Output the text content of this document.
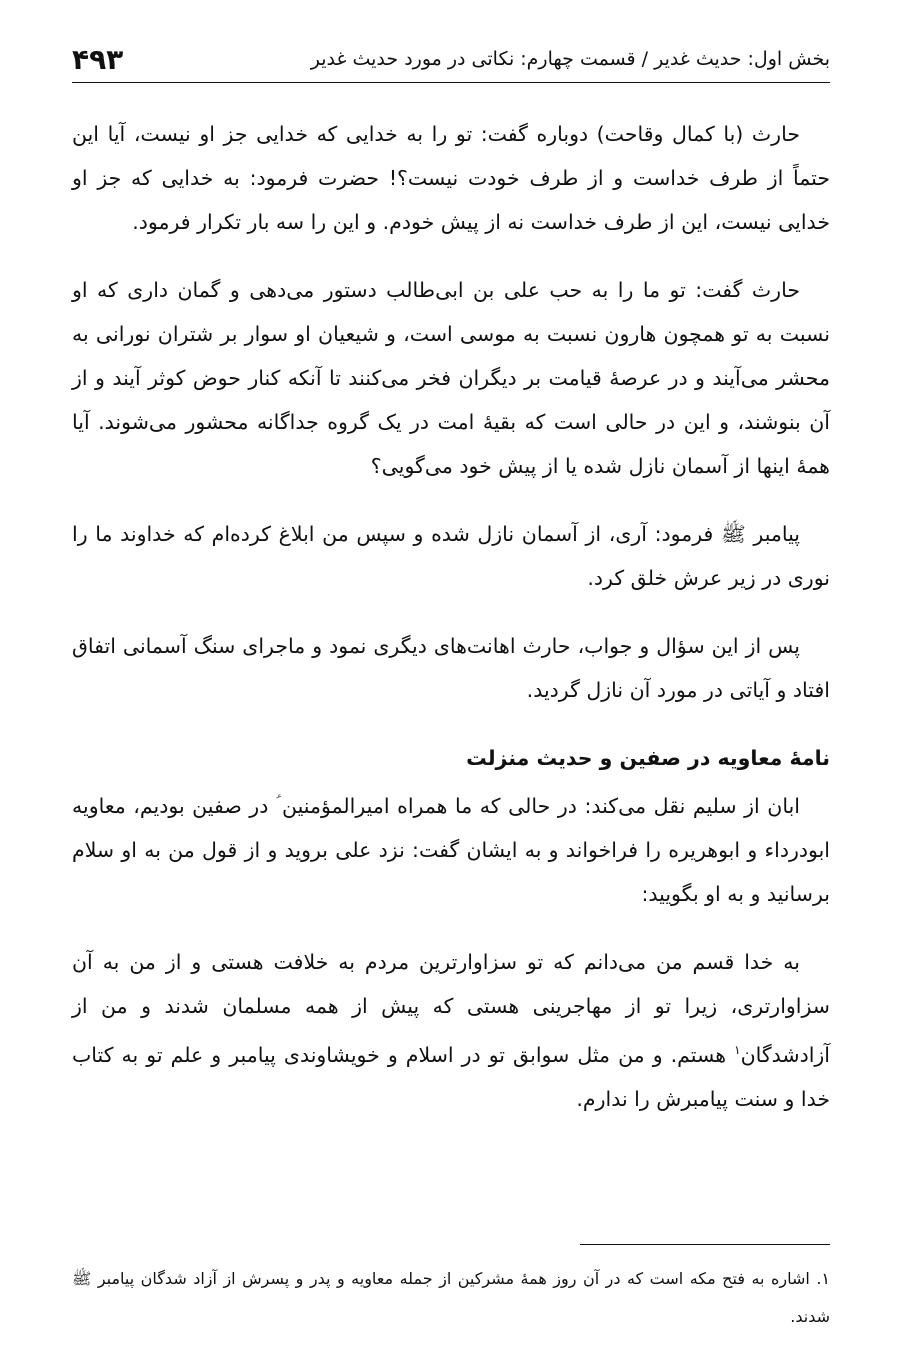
بخش اول: حدیث غدیر / قسمت چهارم: نکاتی در مورد حدیث غدیر
۴۹۳

حارث (با کمال وقاحت) دوباره گفت: تو را به خدایی که خدایی جز او نیست، آیا این حتماً از طرف خداست و از طرف خودت نیست؟! حضرت فرمود: به خدایی که جز او خدایی نیست، این از طرف خداست نه از پیش خودم. و این را سه بار تکرار فرمود.

حارث گفت: تو ما را به حب علی بن ابی‌طالب دستور می‌دهی و گمان داری که او نسبت به تو همچون هارون نسبت به موسی است، و شیعیان او سوار بر شتران نورانی به محشر می‌آیند و در عرصهٔ قیامت بر دیگران فخر می‌کنند تا آنکه کنار حوض کوثر آیند و از آن بنوشند، و این در حالی است که بقیهٔ امت در یک گروه جداگانه محشور می‌شوند. آیا همهٔ اینها از آسمان نازل شده یا از پیش خود می‌گویی؟

پیامبر ﷺ فرمود: آری، از آسمان نازل شده و سپس من ابلاغ کرده‌ام که خداوند ما را نوری در زیر عرش خلق کرد.

پس از این سؤال و جواب، حارث اهانت‌های دیگری نمود و ماجرای سنگ آسمانی اتفاق افتاد و آیاتی در مورد آن نازل گردید.

نامهٔ معاویه در صفین و حدیث منزلت

ابان از سلیم نقل می‌کند: در حالی که ما همراه امیرالمؤمنین ؑ در صفین بودیم، معاویه ابودرداء و ابوهریره را فراخواند و به ایشان گفت: نزد علی بروید و از قول من به او سلام برسانید و به او بگویید:

به خدا قسم من می‌دانم که تو سزاوارترین مردم به خلافت هستی و از من به آن سزاوارتری، زیرا تو از مهاجرینی هستی که پیش از همه مسلمان شدند و من از آزادشدگان$^۱$ هستم. و من مثل سوابق تو در اسلام و خویشاوندی پیامبر و علم تو به کتاب خدا و سنت پیامبرش را ندارم.

۱. اشاره به فتح مکه است که در آن روز همهٔ مشرکین از جمله معاویه و پدر و پسرش از آزاد شدگان پیامبر ﷺ شدند.
